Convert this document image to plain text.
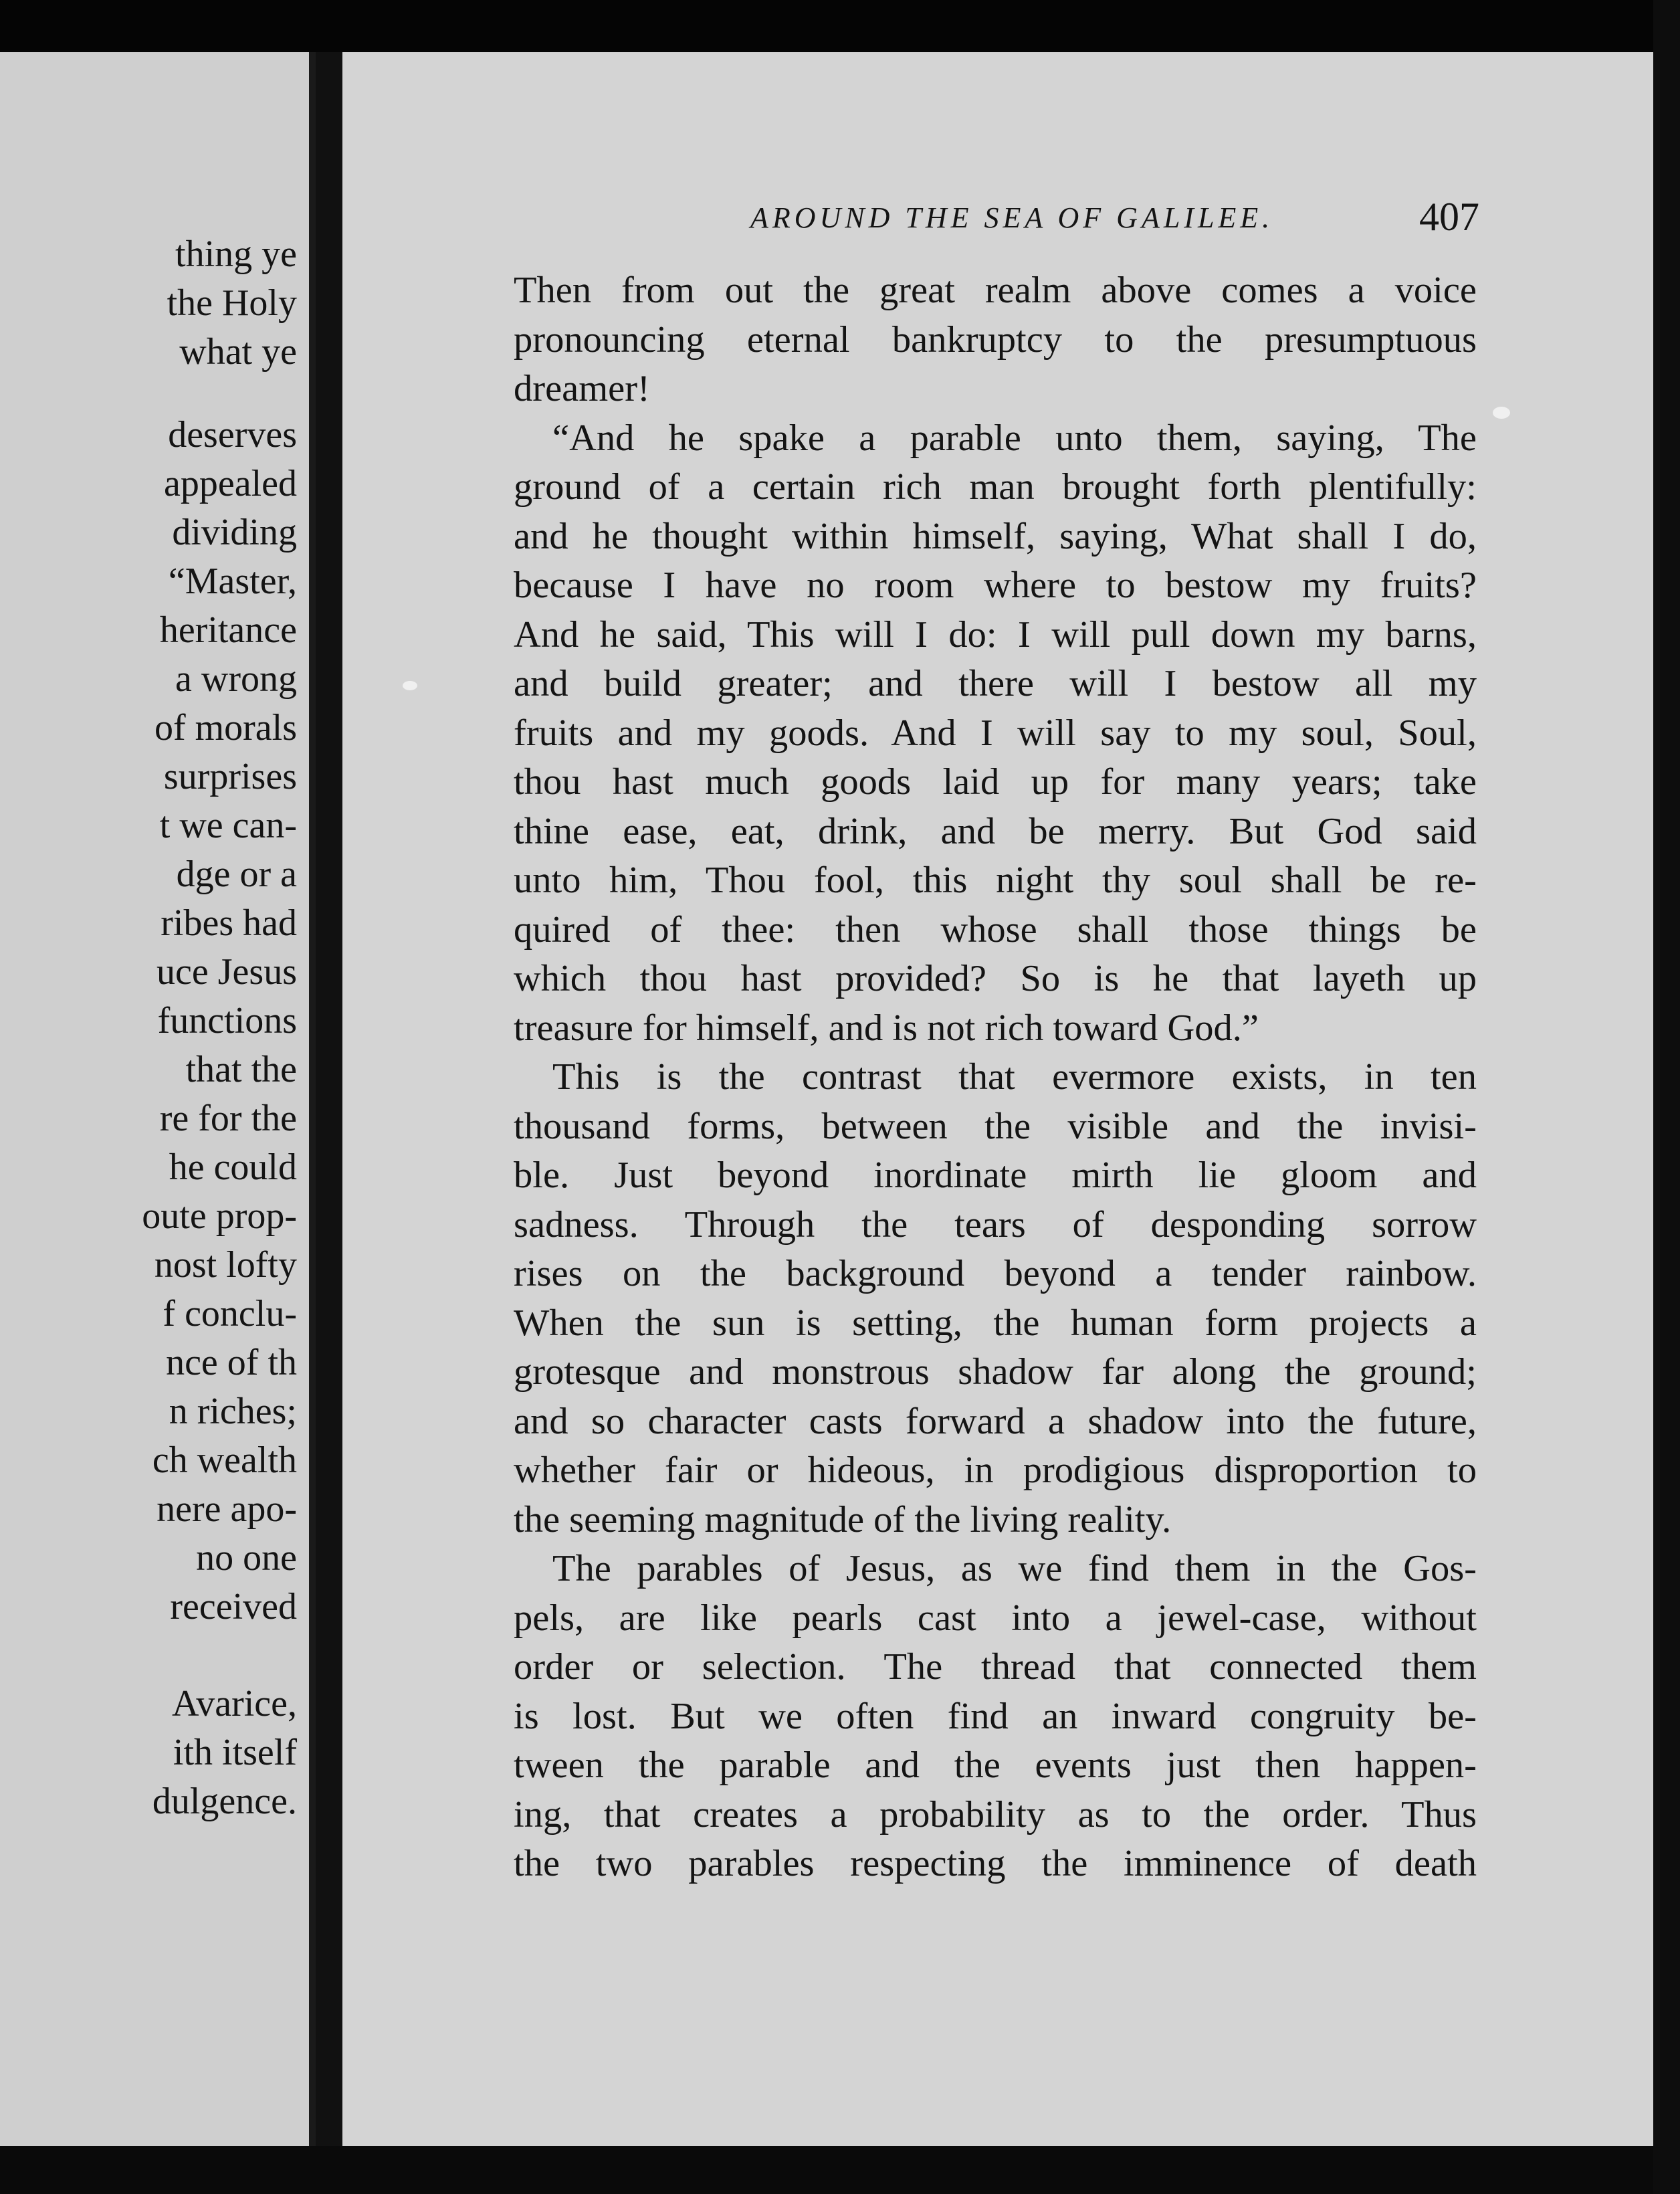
thing ye
the Holy
what ye
deserves
appealed
dividing
“Master,
heritance
a wrong
of morals
surprises
t we can-
dge or a
ribes had
uce Jesus
functions
that the
re for the
he could
oute prop-
nost lofty
f conclu-
nce of th
n riches;
ch wealth
nere apo-
no one
received
Avarice,
ith itself
dulgence.
AROUND THE SEA OF GALILEE.	407
Then from out the great realm above comes a voice
pronouncing eternal bankruptcy to the presumptuous
dreamer!
“And he spake a parable unto them, saying, The
ground of a certain rich man brought forth plentifully:
and he thought within himself, saying, What shall I do,
because I have no room where to bestow my fruits?
And he said, This will I do: I will pull down my barns,
and build greater; and there will I bestow all my
fruits and my goods. And I will say to my soul, Soul,
thou hast much goods laid up for many years; take
thine ease, eat, drink, and be merry. But God said
unto him, Thou fool, this night thy soul shall be re-
quired of thee: then whose shall those things be
which thou hast provided? So is he that layeth up
treasure for himself, and is not rich toward God.”
This is the contrast that evermore exists, in ten
thousand forms, between the visible and the invisi-
ble. Just beyond inordinate mirth lie gloom and
sadness. Through the tears of desponding sorrow
rises on the background beyond a tender rainbow.
When the sun is setting, the human form projects a
grotesque and monstrous shadow far along the ground;
and so character casts forward a shadow into the future,
whether fair or hideous, in prodigious disproportion to
the seeming magnitude of the living reality.
The parables of Jesus, as we find them in the Gos-
pels, are like pearls cast into a jewel-case, without
order or selection. The thread that connected them
is lost. But we often find an inward congruity be-
tween the parable and the events just then happen-
ing, that creates a probability as to the order. Thus
the two parables respecting the imminence of death
